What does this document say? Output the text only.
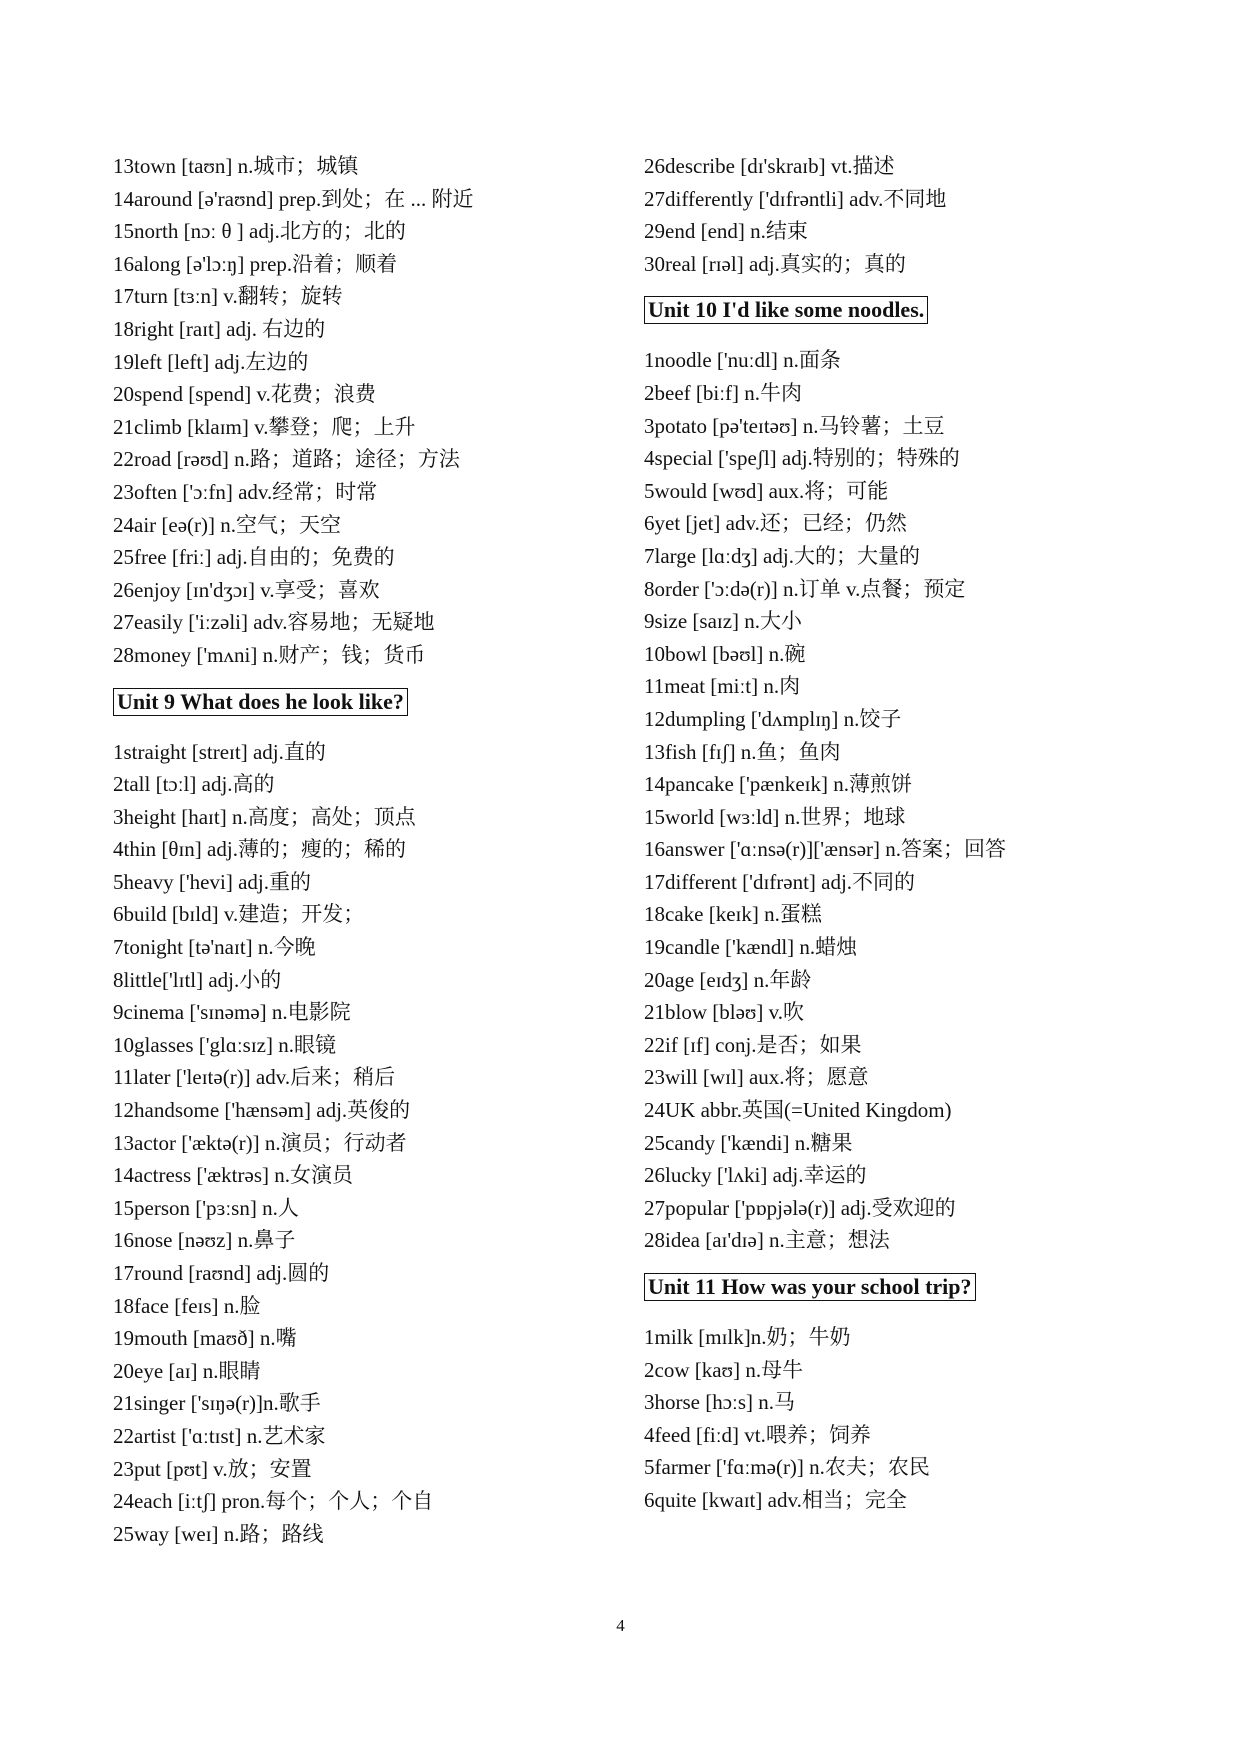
13town [taʊn] n.城市；城镇
14around [ə'raʊnd] prep.到处；在 ... 附近
15north [nɔː θ ] adj.北方的；北的
16along [ə'lɔːŋ] prep.沿着；顺着
17turn [tɜːn] v.翻转；旋转
18right [raɪt] adj. 右边的
19left [left] adj.左边的
20spend [spend] v.花费；浪费
21climb [klaɪm] v.攀登；爬；上升
22road [rəʊd] n.路；道路；途径；方法
23often ['ɔːfn] adv.经常；时常
24air [eə(r)] n.空气；天空
25free [friː] adj.自由的；免费的
26enjoy [ɪn'dʒɔɪ] v.享受；喜欢
27easily ['iːzəli] adv.容易地；无疑地
28money ['mʌni] n.财产；钱；货币
Unit 9 What does he look like?
1straight [streɪt] adj.直的
2tall [tɔːl] adj.高的
3height [haɪt] n.高度；高处；顶点
4thin [θɪn] adj.薄的；瘦的；稀的
5heavy ['hevi] adj.重的
6build [bɪld] v.建造；开发；
7tonight [tə'naɪt] n.今晚
8little['lɪtl] adj.小的
9cinema ['sɪnəmə] n.电影院
10glasses ['glɑːsɪz] n.眼镜
11later ['leɪtə(r)] adv.后来；稍后
12handsome ['hænsəm] adj.英俊的
13actor ['æktə(r)] n.演员；行动者
14actress ['æktrəs] n.女演员
15person ['pɜːsn] n.人
16nose [nəʊz] n.鼻子
17round [raʊnd] adj.圆的
18face [feɪs] n.脸
19mouth [maʊð] n.嘴
20eye [aɪ] n.眼睛
21singer ['sɪŋə(r)]n.歌手
22artist ['ɑːtɪst] n.艺术家
23put [pʊt] v.放；安置
24each [iːtʃ] pron.每个；个人；个自
25way [weɪ] n.路；路线
26describe [dɪ'skraɪb] vt.描述
27differently ['dɪfrəntli] adv.不同地
29end [end] n.结束
30real [rɪəl] adj.真实的；真的
Unit 10 I'd like some noodles.
1noodle ['nuːdl] n.面条
2beef [biːf] n.牛肉
3potato [pə'teɪtəʊ] n.马铃薯；土豆
4special ['speʃl] adj.特别的；特殊的
5would [wʊd] aux.将；可能
6yet [jet] adv.还；已经；仍然
7large [lɑːdʒ] adj.大的；大量的
8order ['ɔːdə(r)] n.订单 v.点餐；预定
9size [saɪz] n.大小
10bowl [bəʊl] n.碗
11meat [miːt] n.肉
12dumpling ['dʌmplɪŋ] n.饺子
13fish [fɪʃ] n.鱼；鱼肉
14pancake ['pænkeɪk] n.薄煎饼
15world [wɜːld] n.世界；地球
16answer ['ɑːnsə(r)]['ænsər] n.答案；回答
17different ['dɪfrənt] adj.不同的
18cake [keɪk] n.蛋糕
19candle ['kændl] n.蜡烛
20age [eɪdʒ] n.年龄
21blow [bləʊ] v.吹
22if [ɪf] conj.是否；如果
23will [wɪl] aux.将；愿意
24UK abbr.英国(=United Kingdom)
25candy ['kændi] n.糖果
26lucky ['lʌki] adj.幸运的
27popular ['pɒpjələ(r)] adj.受欢迎的
28idea [aɪ'dɪə] n.主意；想法
Unit 11 How was your school trip?
1milk [mɪlk]n.奶；牛奶
2cow [kaʊ] n.母牛
3horse [hɔːs] n.马
4feed [fiːd] vt.喂养；饲养
5farmer ['fɑːmə(r)] n.农夫；农民
6quite [kwaɪt] adv.相当；完全
4
